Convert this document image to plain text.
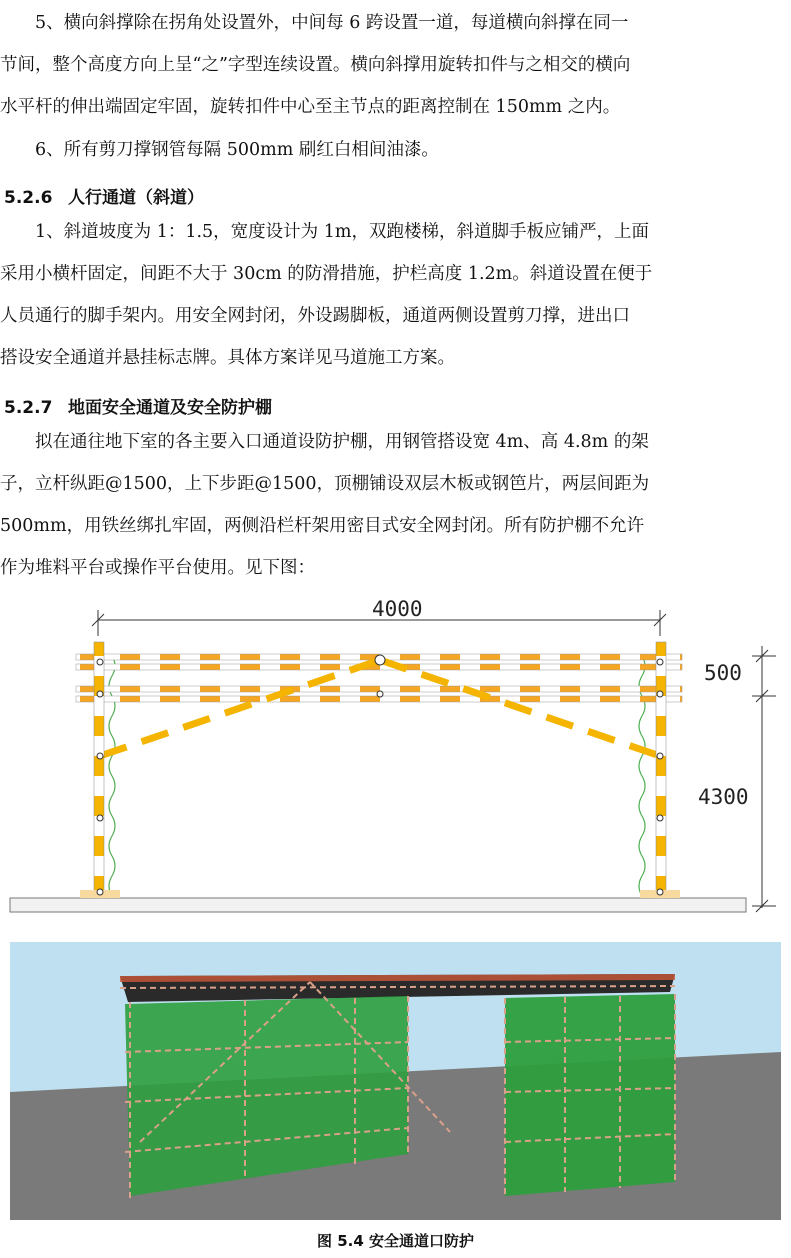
　　5、横向斜撑除在拐角处设置外，中间每 6 跨设置一道，每道横向斜撑在同一

节间，整个高度方向上呈“之”字型连续设置。横向斜撑用旋转扣件与之相交的横向

水平杆的伸出端固定牢固，旋转扣件中心至主节点的距离控制在 150mm 之内。

　　6、所有剪刀撑钢管每隔 500mm 刷红白相间油漆。

5.2.6 人行通道（斜道）

　　1、斜道坡度为 1：1.5，宽度设计为 1m，双跑楼梯，斜道脚手板应铺严，上面

采用小横杆固定，间距不大于 30cm 的防滑措施，护栏高度 1.2m。斜道设置在便于

人员通行的脚手架内。用安全网封闭，外设踢脚板，通道两侧设置剪刀撑，进出口

搭设安全通道并悬挂标志牌。具体方案详见马道施工方案。

5.2.7 地面安全通道及安全防护棚

　　拟在通往地下室的各主要入口通道设防护棚，用钢管搭设宽 4m、高 4.8m 的架

子，立杆纵距@1500，上下步距@1500，顶棚铺设双层木板或钢笆片，两层间距为

500mm，用铁丝绑扎牢固，两侧沿栏杆架用密目式安全网封闭。所有防护棚不允许

作为堆料平台或操作平台使用。见下图：

4000
500
4300
图 5.4 安全通道口防护
